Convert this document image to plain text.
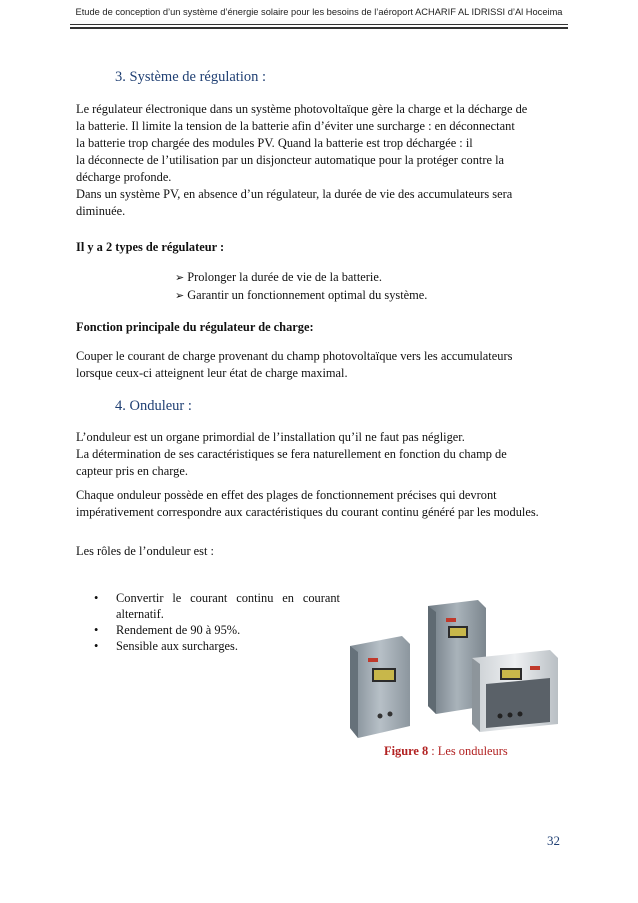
Etude de conception d’un système d’énergie solaire pour les besoins de l’aéroport ACHARIF AL IDRISSI d’Al Hoceima
3. Système de régulation :
Le régulateur électronique dans un système photovoltaïque gère la charge et la décharge de
la batterie. Il limite la tension de la batterie afin d’éviter une surcharge : en déconnectant
la batterie trop chargée des modules PV. Quand la batterie est trop déchargée : il
la déconnecte de l’utilisation par un disjoncteur automatique pour la protéger contre la
décharge profonde.
Dans un système PV, en absence d’un régulateur, la durée de vie des accumulateurs sera
diminuée.
Il y a 2 types de régulateur :
➢ Prolonger la durée de vie de la batterie.
➢ Garantir un fonctionnement optimal du système.
Fonction principale du régulateur de charge:
Couper le courant de charge provenant du champ photovoltaïque vers les accumulateurs
lorsque ceux-ci atteignent leur état de charge maximal.
4. Onduleur :
L’onduleur est un organe primordial de l’installation qu’il ne faut pas négliger.
La détermination de ses caractéristiques se fera naturellement en fonction du champ de
capteur pris en charge.
Chaque onduleur possède en effet des plages de fonctionnement précises qui devront
impérativement correspondre aux caractéristiques du courant continu généré par les modules.
Les rôles de l’onduleur est :
•	Convertir le courant continu en courant alternatif.
•	Rendement de 90 à 95%.
•	Sensible aux surcharges.
Figure 8 : Les onduleurs
32
